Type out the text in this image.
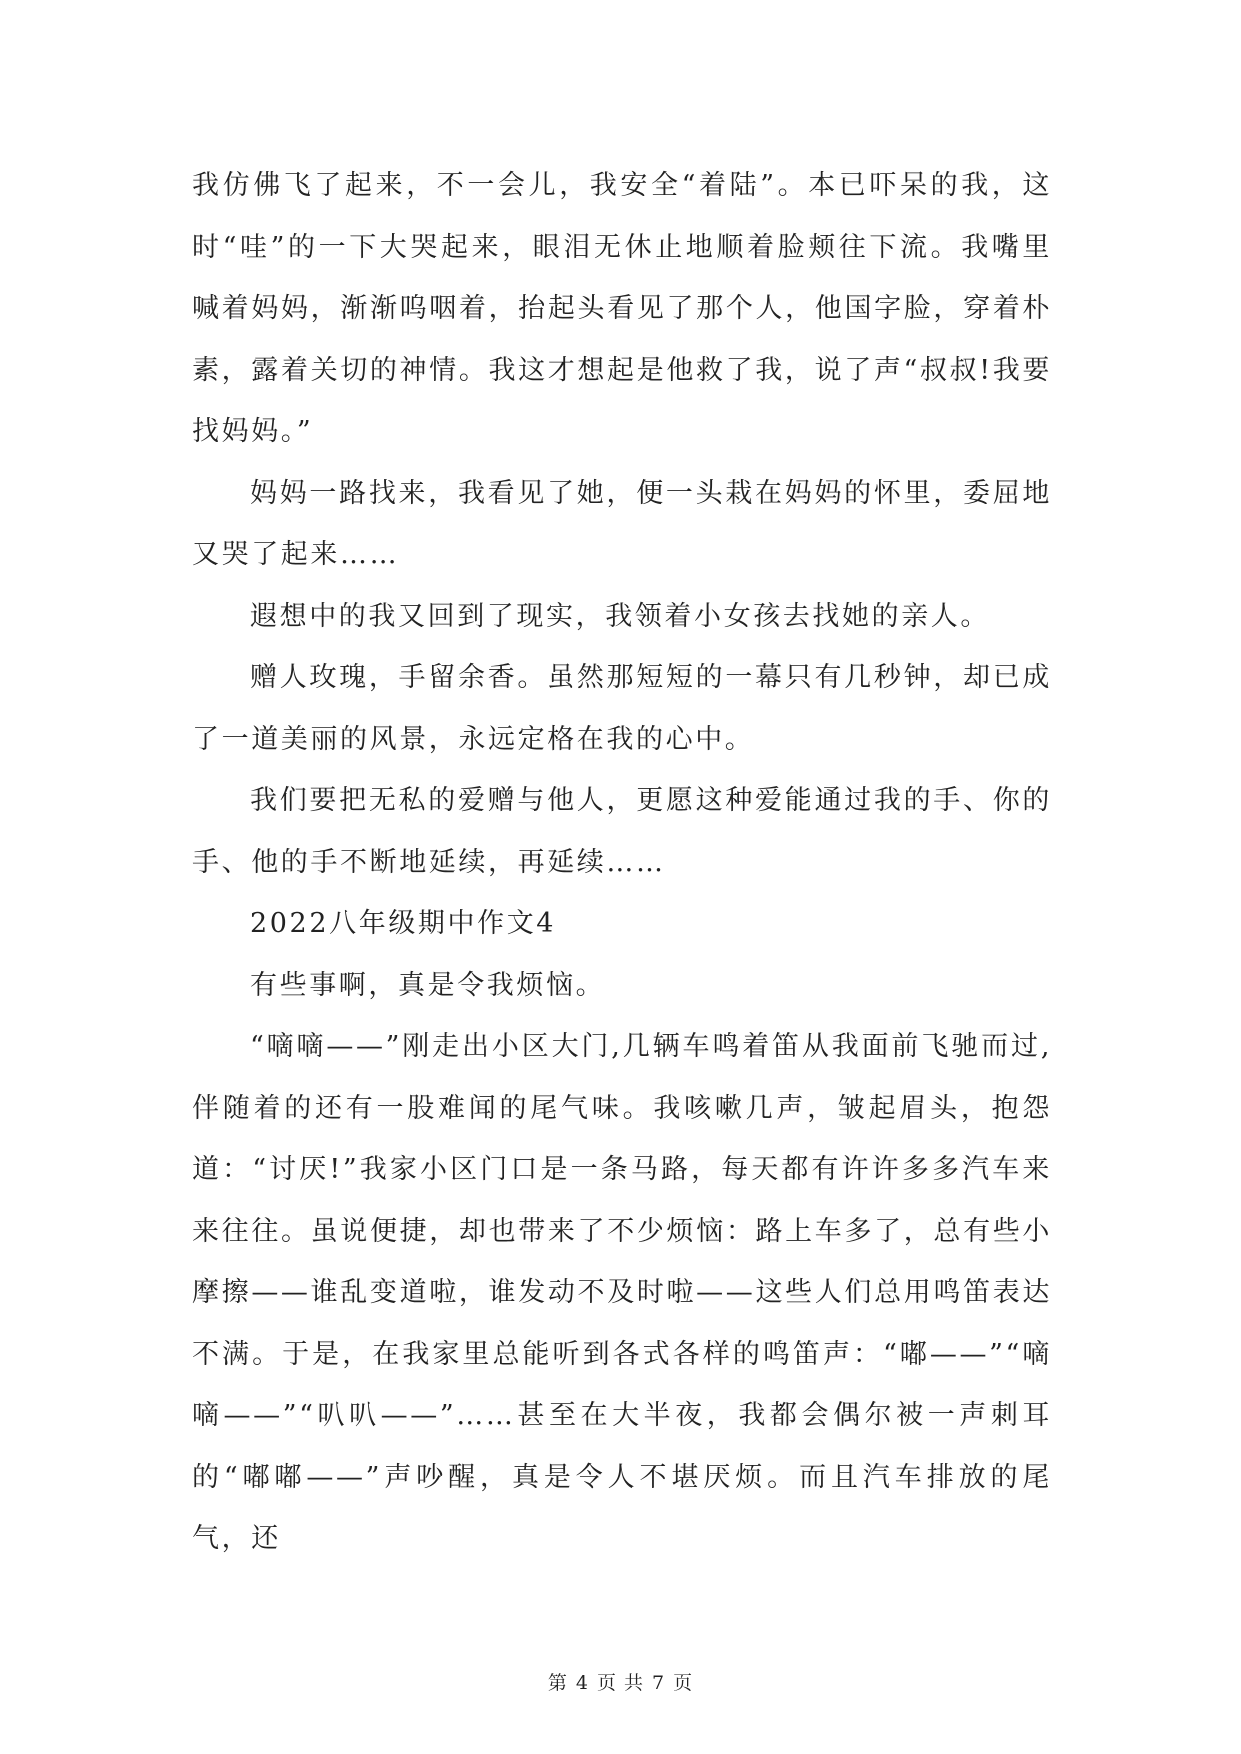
我仿佛飞了起来，不一会儿，我安全“着陆”。本已吓呆的我，这时“哇”的一下大哭起来，眼泪无休止地顺着脸颊往下流。我嘴里喊着妈妈，渐渐呜咽着，抬起头看见了那个人，他国字脸，穿着朴素，露着关切的神情。我这才想起是他救了我，说了声“叔叔!我要找妈妈。”

妈妈一路找来，我看见了她，便一头栽在妈妈的怀里，委屈地又哭了起来……

遐想中的我又回到了现实，我领着小女孩去找她的亲人。

赠人玫瑰，手留余香。虽然那短短的一幕只有几秒钟，却已成了一道美丽的风景，永远定格在我的心中。

我们要把无私的爱赠与他人，更愿这种爱能通过我的手、你的手、他的手不断地延续，再延续……

2022八年级期中作文4

有些事啊，真是令我烦恼。

“嘀嘀——”刚走出小区大门,几辆车鸣着笛从我面前飞驰而过,伴随着的还有一股难闻的尾气味。我咳嗽几声，皱起眉头，抱怨道：“讨厌!”我家小区门口是一条马路，每天都有许许多多汽车来来往往。虽说便捷，却也带来了不少烦恼：路上车多了，总有些小摩擦——谁乱变道啦，谁发动不及时啦——这些人们总用鸣笛表达不满。于是，在我家里总能听到各式各样的鸣笛声：“嘟——”“嘀嘀——”“叭叭——”……甚至在大半夜，我都会偶尔被一声刺耳的“嘟嘟——”声吵醒，真是令人不堪厌烦。而且汽车排放的尾气，还

第 4 页 共 7 页
